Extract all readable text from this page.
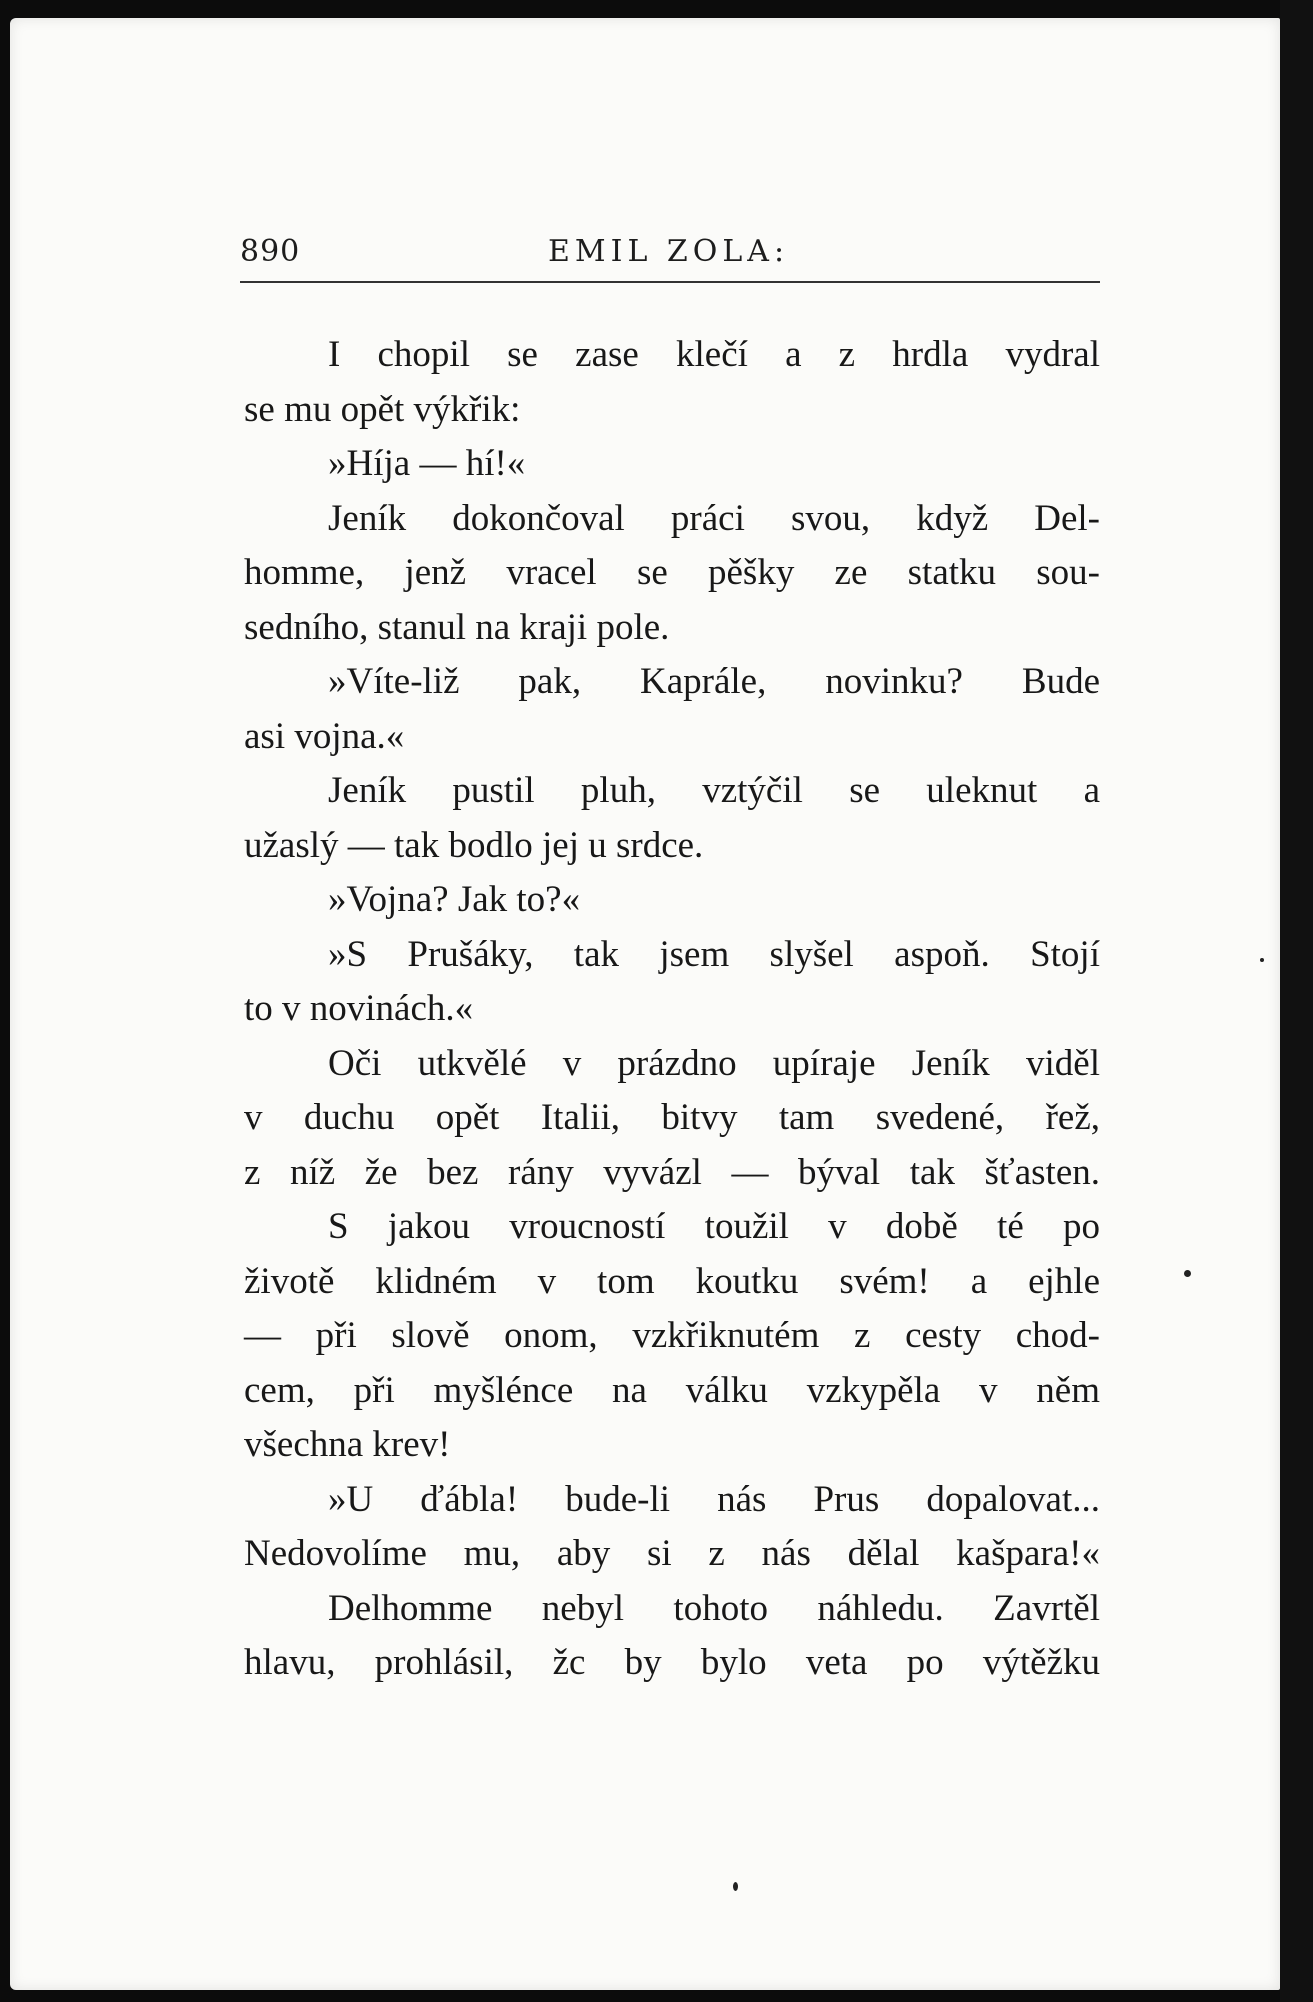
890	EMIL ZOLA:
I chopil se zase klečí a z hrdla vydral
se mu opět výkřik:
»Híja — hí!«
Jeník dokončoval práci svou, když Del-
homme, jenž vracel se pěšky ze statku sou-
sedního, stanul na kraji pole.
»Víte-liž pak, Kaprále, novinku? Bude
asi vojna.«
Jeník pustil pluh, vztýčil se uleknut a
užaslý — tak bodlo jej u srdce.
»Vojna? Jak to?«
»S Prušáky, tak jsem slyšel aspoň. Stojí
to v novinách.«
Oči utkvělé v prázdno upíraje Jeník viděl
v duchu opět Italii, bitvy tam svedené, řež,
z níž že bez rány vyvázl — býval tak šťasten.
S jakou vroucností toužil v době té po
životě klidném v tom koutku svém! a ejhle
— při slově onom, vzkřiknutém z cesty chod-
cem, při myšlénce na válku vzkypěla v něm
všechna krev!
»U ďábla! bude-li nás Prus dopalovat...
Nedovolíme mu, aby si z nás dělal kašpara!«
Delhomme nebyl tohoto náhledu. Zavrtěl
hlavu, prohlásil, žc by bylo veta po výtěžku
